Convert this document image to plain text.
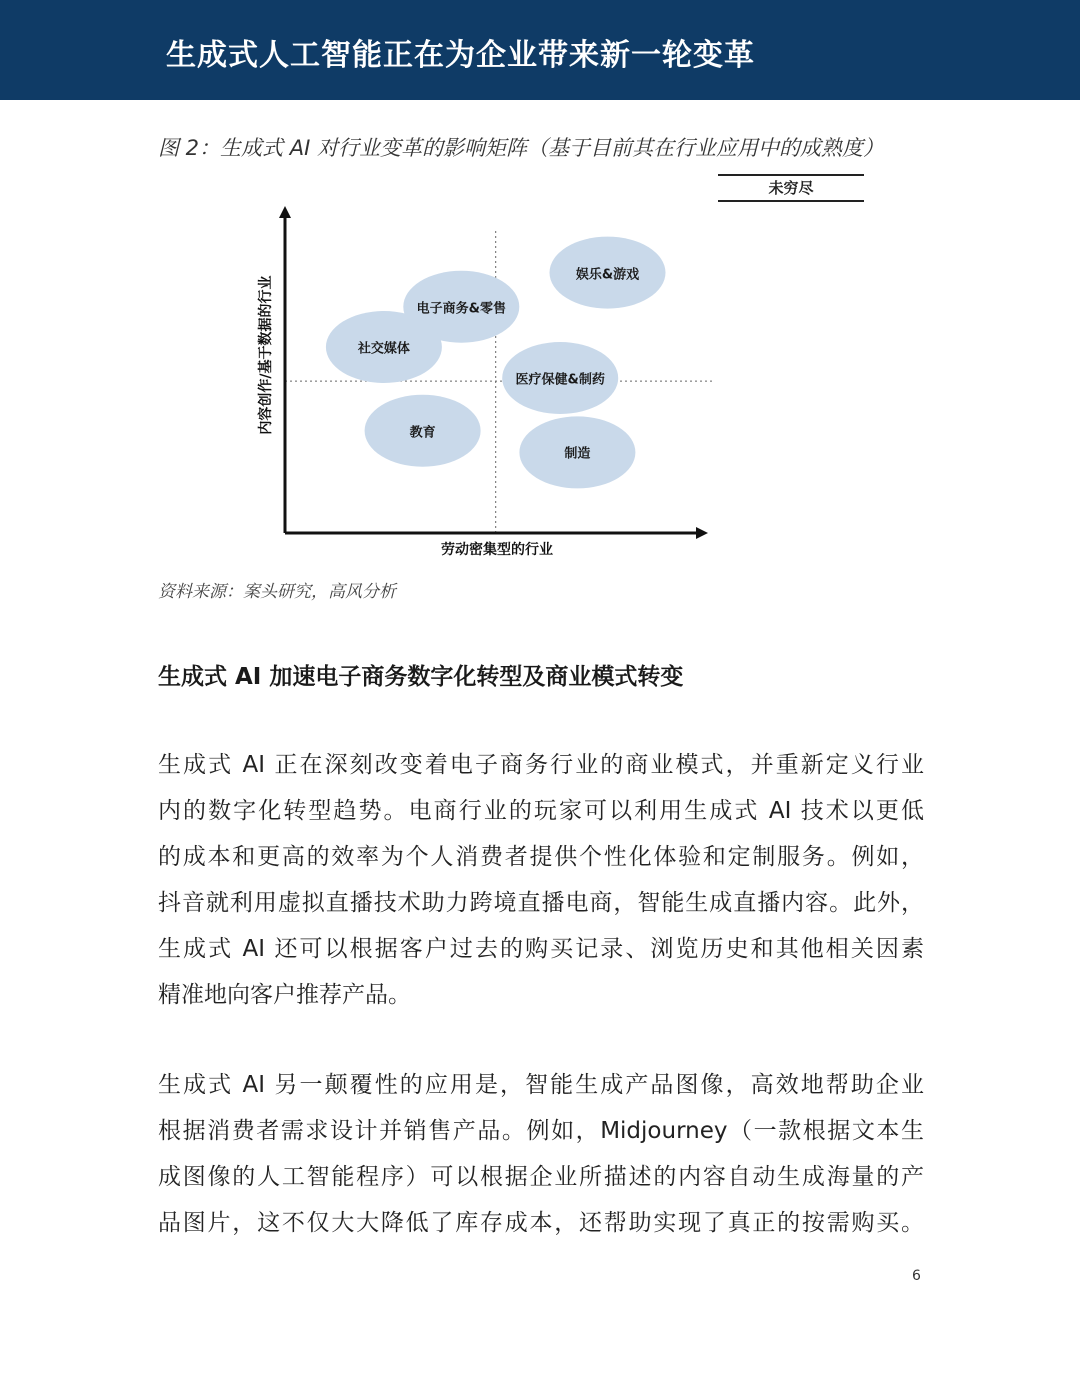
生成式人工智能正在为企业带来新一轮变革
图 2：生成式 AI 对行业变革的影响矩阵（基于目前其在行业应用中的成熟度）
未穷尽
娱乐&游戏
电子商务&零售
社交媒体
医疗保健&制药
教育
制造
内容创作/基于数据的行业
劳动密集型的行业
资料来源：案头研究，高风分析
生成式 AI 加速电子商务数字化转型及商业模式转变
生成式 AI 正在深刻改变着电子商务行业的商业模式，并重新定义行业
内的数字化转型趋势。电商行业的玩家可以利用生成式 AI 技术以更低
的成本和更高的效率为个人消费者提供个性化体验和定制服务。例如，
抖音就利用虚拟直播技术助力跨境直播电商，智能生成直播内容。此外，
生成式 AI 还可以根据客户过去的购买记录、浏览历史和其他相关因素
精准地向客户推荐产品。
生成式 AI 另一颠覆性的应用是，智能生成产品图像，高效地帮助企业
根据消费者需求设计并销售产品。例如，Midjourney（一款根据文本生
成图像的人工智能程序）可以根据企业所描述的内容自动生成海量的产
品图片，这不仅大大降低了库存成本，还帮助实现了真正的按需购买。
6
